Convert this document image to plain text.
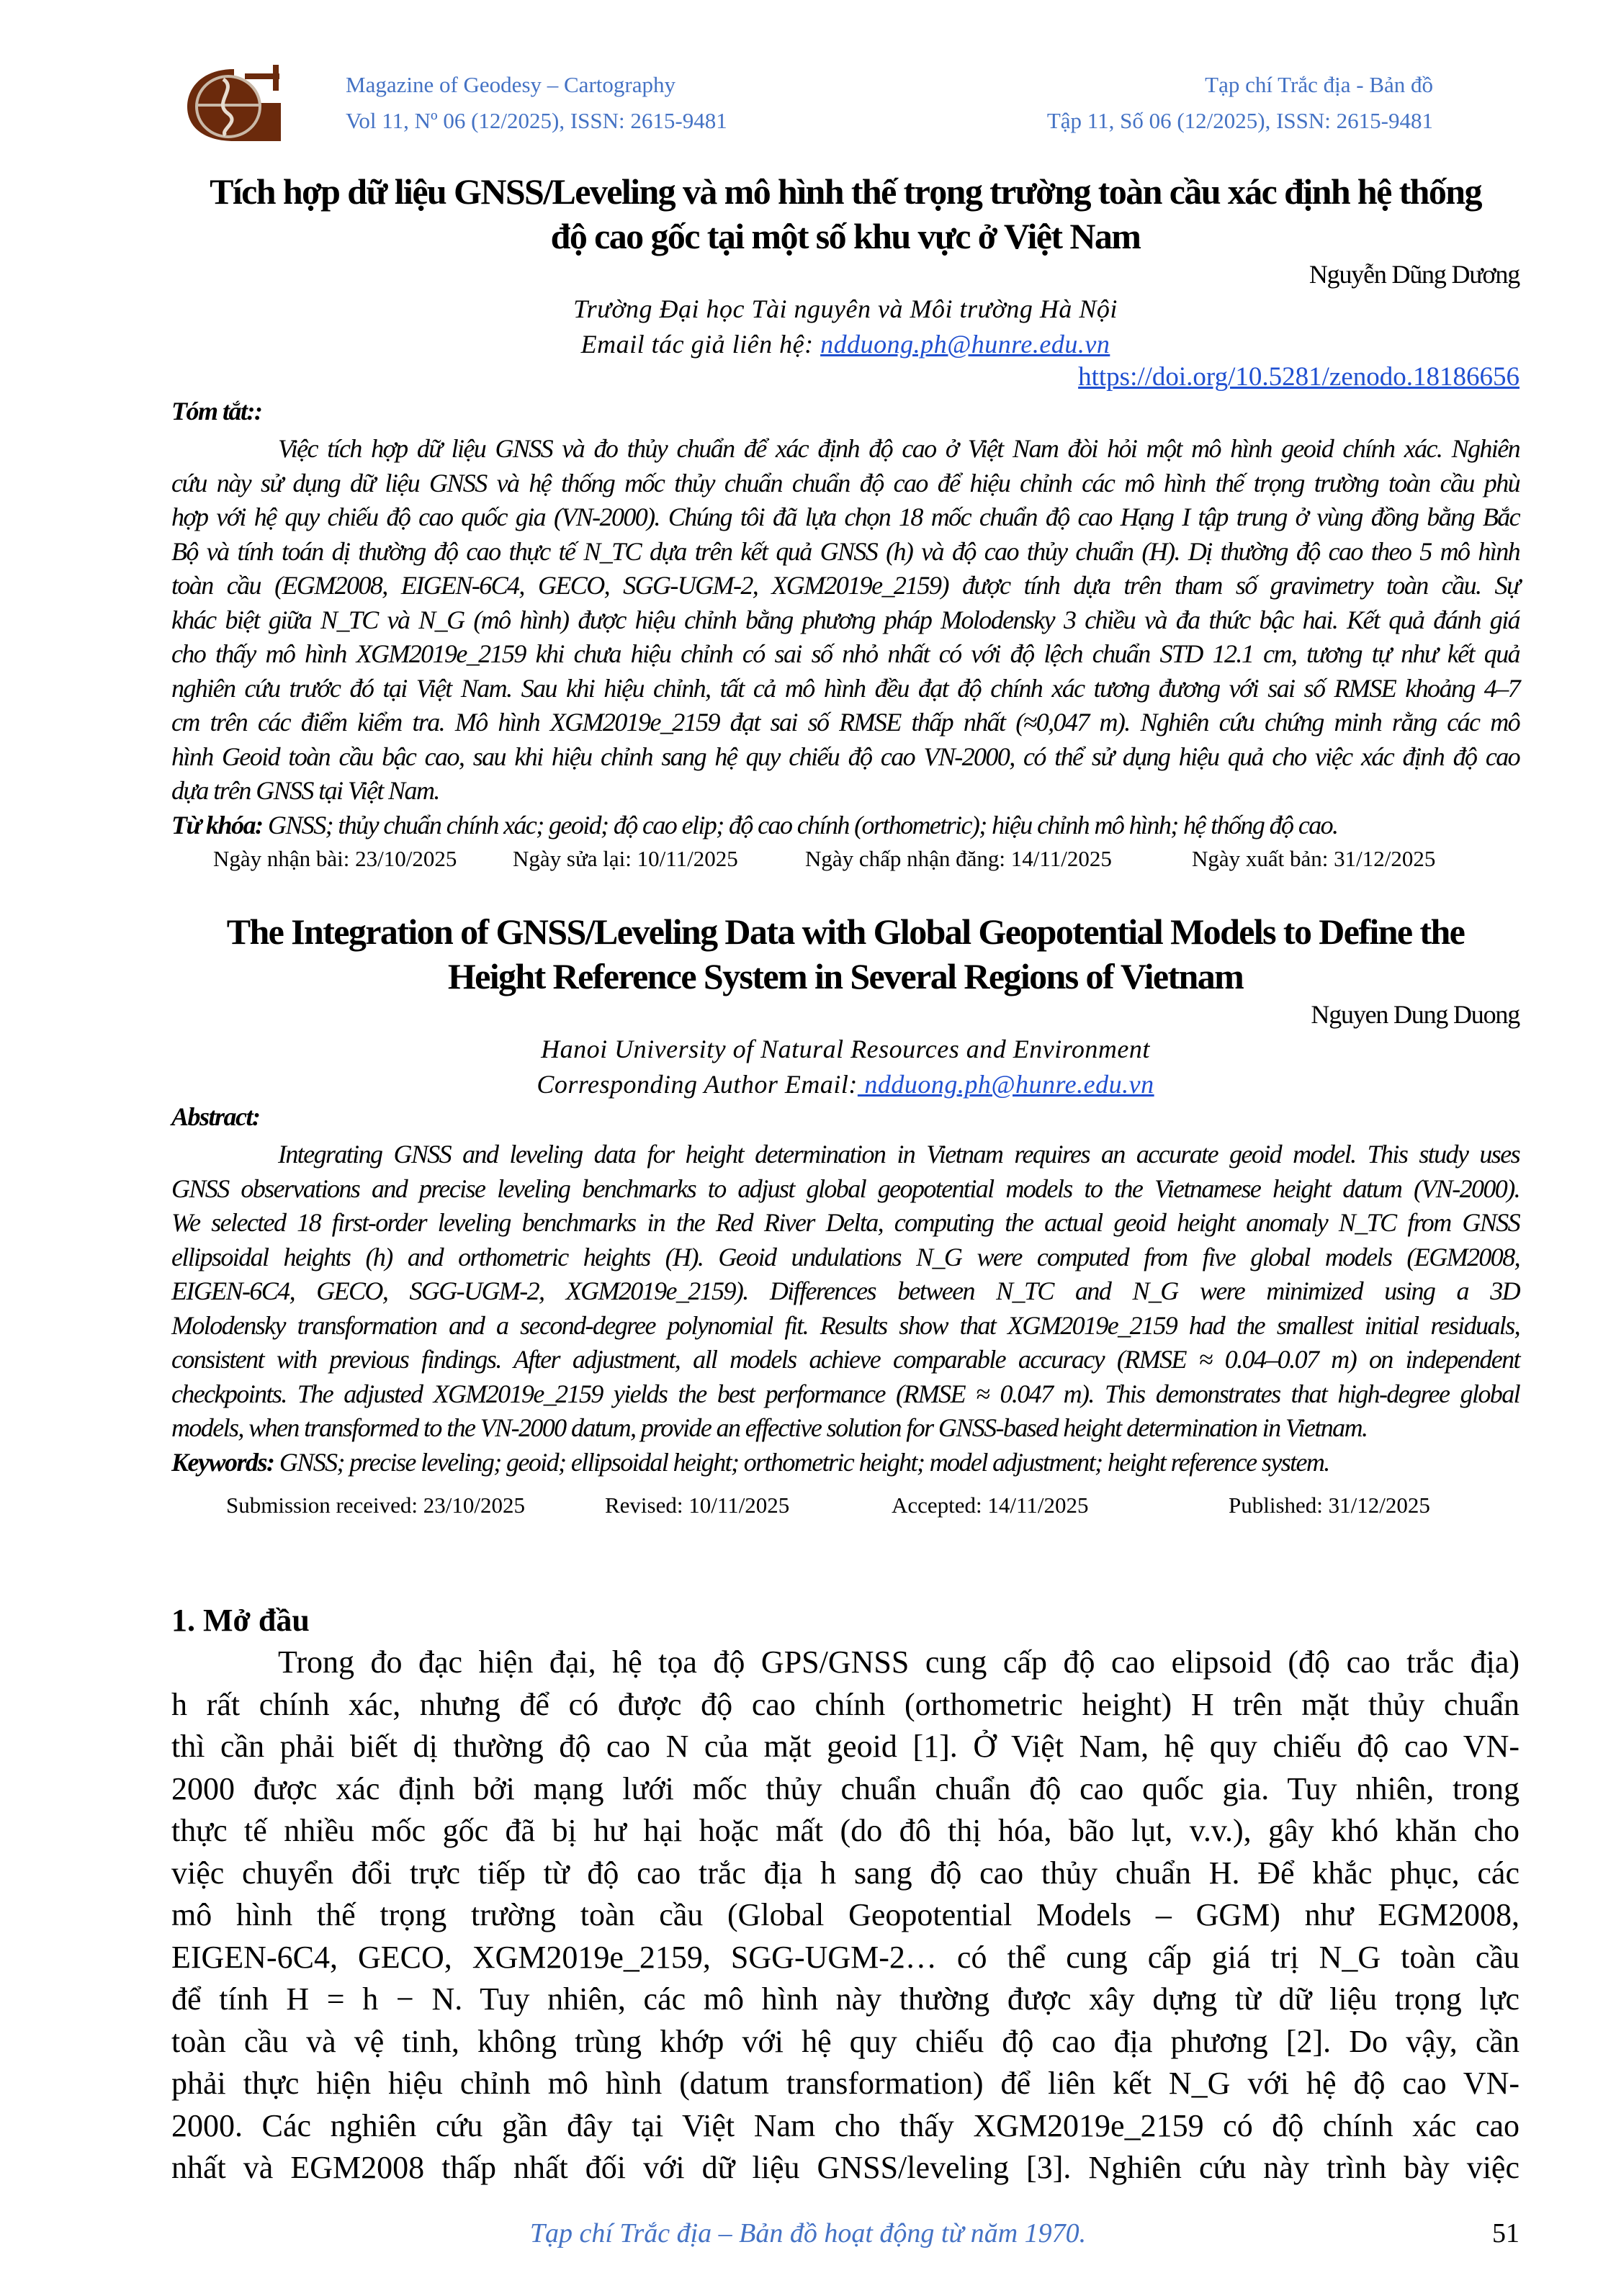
Magazine of Geodesy – Cartography
Vol 11, Nº 06 (12/2025), ISSN: 2615-9481
Tạp chí Trắc địa - Bản đồ
Tập 11, Số 06 (12/2025), ISSN: 2615-9481
Tích hợp dữ liệu GNSS/Leveling và mô hình thế trọng trường toàn cầu xác định hệ thống
độ cao gốc tại một số khu vực ở Việt Nam
Nguyễn Dũng Dương
Trường Đại học Tài nguyên và Môi trường Hà Nội
Email tác giả liên hệ: ndduong.ph@hunre.edu.vn
https://doi.org/10.5281/zenodo.18186656
Tóm tắt::
Việc tích hợp dữ liệu GNSS và đo thủy chuẩn để xác định độ cao ở Việt Nam đòi hỏi một mô hình geoid chính xác. Nghiên
cứu này sử dụng dữ liệu GNSS và hệ thống mốc thủy chuẩn chuẩn độ cao để hiệu chỉnh các mô hình thế trọng trường toàn cầu phù
hợp với hệ quy chiếu độ cao quốc gia (VN-2000). Chúng tôi đã lựa chọn 18 mốc chuẩn độ cao Hạng I tập trung ở vùng đồng bằng Bắc
Bộ và tính toán dị thường độ cao thực tế N_TC dựa trên kết quả GNSS (h) và độ cao thủy chuẩn (H). Dị thường độ cao theo 5 mô hình
toàn cầu (EGM2008, EIGEN-6C4, GECO, SGG-UGM-2, XGM2019e_2159) được tính dựa trên tham số gravimetry toàn cầu. Sự
khác biệt giữa N_TC và N_G (mô hình) được hiệu chỉnh bằng phương pháp Molodensky 3 chiều và đa thức bậc hai. Kết quả đánh giá
cho thấy mô hình XGM2019e_2159 khi chưa hiệu chỉnh có sai số nhỏ nhất có với độ lệch chuẩn STD 12.1 cm, tương tự như kết quả
nghiên cứu trước đó tại Việt Nam. Sau khi hiệu chỉnh, tất cả mô hình đều đạt độ chính xác tương đương với sai số RMSE khoảng 4–7
cm trên các điểm kiểm tra. Mô hình XGM2019e_2159 đạt sai số RMSE thấp nhất (≈0,047 m). Nghiên cứu chứng minh rằng các mô
hình Geoid toàn cầu bậc cao, sau khi hiệu chỉnh sang hệ quy chiếu độ cao VN-2000, có thể sử dụng hiệu quả cho việc xác định độ cao
dựa trên GNSS tại Việt Nam.
Từ khóa: GNSS; thủy chuẩn chính xác; geoid; độ cao elip; độ cao chính (orthometric); hiệu chỉnh mô hình; hệ thống độ cao.
Ngày nhận bài: 23/10/2025	Ngày sửa lại: 10/11/2025	Ngày chấp nhận đăng: 14/11/2025	Ngày xuất bản: 31/12/2025
The Integration of GNSS/Leveling Data with Global Geopotential Models to Define the
Height Reference System in Several Regions of Vietnam
Nguyen Dung Duong
Hanoi University of Natural Resources and Environment
Corresponding Author Email: ndduong.ph@hunre.edu.vn
Abstract:
Integrating GNSS and leveling data for height determination in Vietnam requires an accurate geoid model. This study uses
GNSS observations and precise leveling benchmarks to adjust global geopotential models to the Vietnamese height datum (VN-2000).
We selected 18 first-order leveling benchmarks in the Red River Delta, computing the actual geoid height anomaly N_TC from GNSS
ellipsoidal heights (h) and orthometric heights (H). Geoid undulations N_G were computed from five global models (EGM2008,
EIGEN-6C4, GECO, SGG-UGM-2, XGM2019e_2159). Differences between N_TC and N_G were minimized using a 3D
Molodensky transformation and a second-degree polynomial fit. Results show that XGM2019e_2159 had the smallest initial residuals,
consistent with previous findings. After adjustment, all models achieve comparable accuracy (RMSE ≈ 0.04–0.07 m) on independent
checkpoints. The adjusted XGM2019e_2159 yields the best performance (RMSE ≈ 0.047 m). This demonstrates that high-degree global
models, when transformed to the VN-2000 datum, provide an effective solution for GNSS-based height determination in Vietnam.
Keywords: GNSS; precise leveling; geoid; ellipsoidal height; orthometric height; model adjustment; height reference system.
Submission received: 23/10/2025	Revised: 10/11/2025	Accepted: 14/11/2025	Published: 31/12/2025
1. Mở đầu
Trong đo đạc hiện đại, hệ tọa độ GPS/GNSS cung cấp độ cao elipsoid (độ cao trắc địa)
h rất chính xác, nhưng để có được độ cao chính (orthometric height) H trên mặt thủy chuẩn
thì cần phải biết dị thường độ cao N của mặt geoid [1]. Ở Việt Nam, hệ quy chiếu độ cao VN-
2000 được xác định bởi mạng lưới mốc thủy chuẩn chuẩn độ cao quốc gia. Tuy nhiên, trong
thực tế nhiều mốc gốc đã bị hư hại hoặc mất (do đô thị hóa, bão lụt, v.v.), gây khó khăn cho
việc chuyển đổi trực tiếp từ độ cao trắc địa h sang độ cao thủy chuẩn H. Để khắc phục, các
mô hình thế trọng trường toàn cầu (Global Geopotential Models – GGM) như EGM2008,
EIGEN-6C4, GECO, XGM2019e_2159, SGG-UGM-2… có thể cung cấp giá trị N_G toàn cầu
để tính H = h − N. Tuy nhiên, các mô hình này thường được xây dựng từ dữ liệu trọng lực
toàn cầu và vệ tinh, không trùng khớp với hệ quy chiếu độ cao địa phương [2]. Do vậy, cần
phải thực hiện hiệu chỉnh mô hình (datum transformation) để liên kết N_G với hệ độ cao VN-
2000. Các nghiên cứu gần đây tại Việt Nam cho thấy XGM2019e_2159 có độ chính xác cao
nhất và EGM2008 thấp nhất đối với dữ liệu GNSS/leveling [3]. Nghiên cứu này trình bày việc
Tạp chí Trắc địa – Bản đồ hoạt động từ năm 1970.	51
